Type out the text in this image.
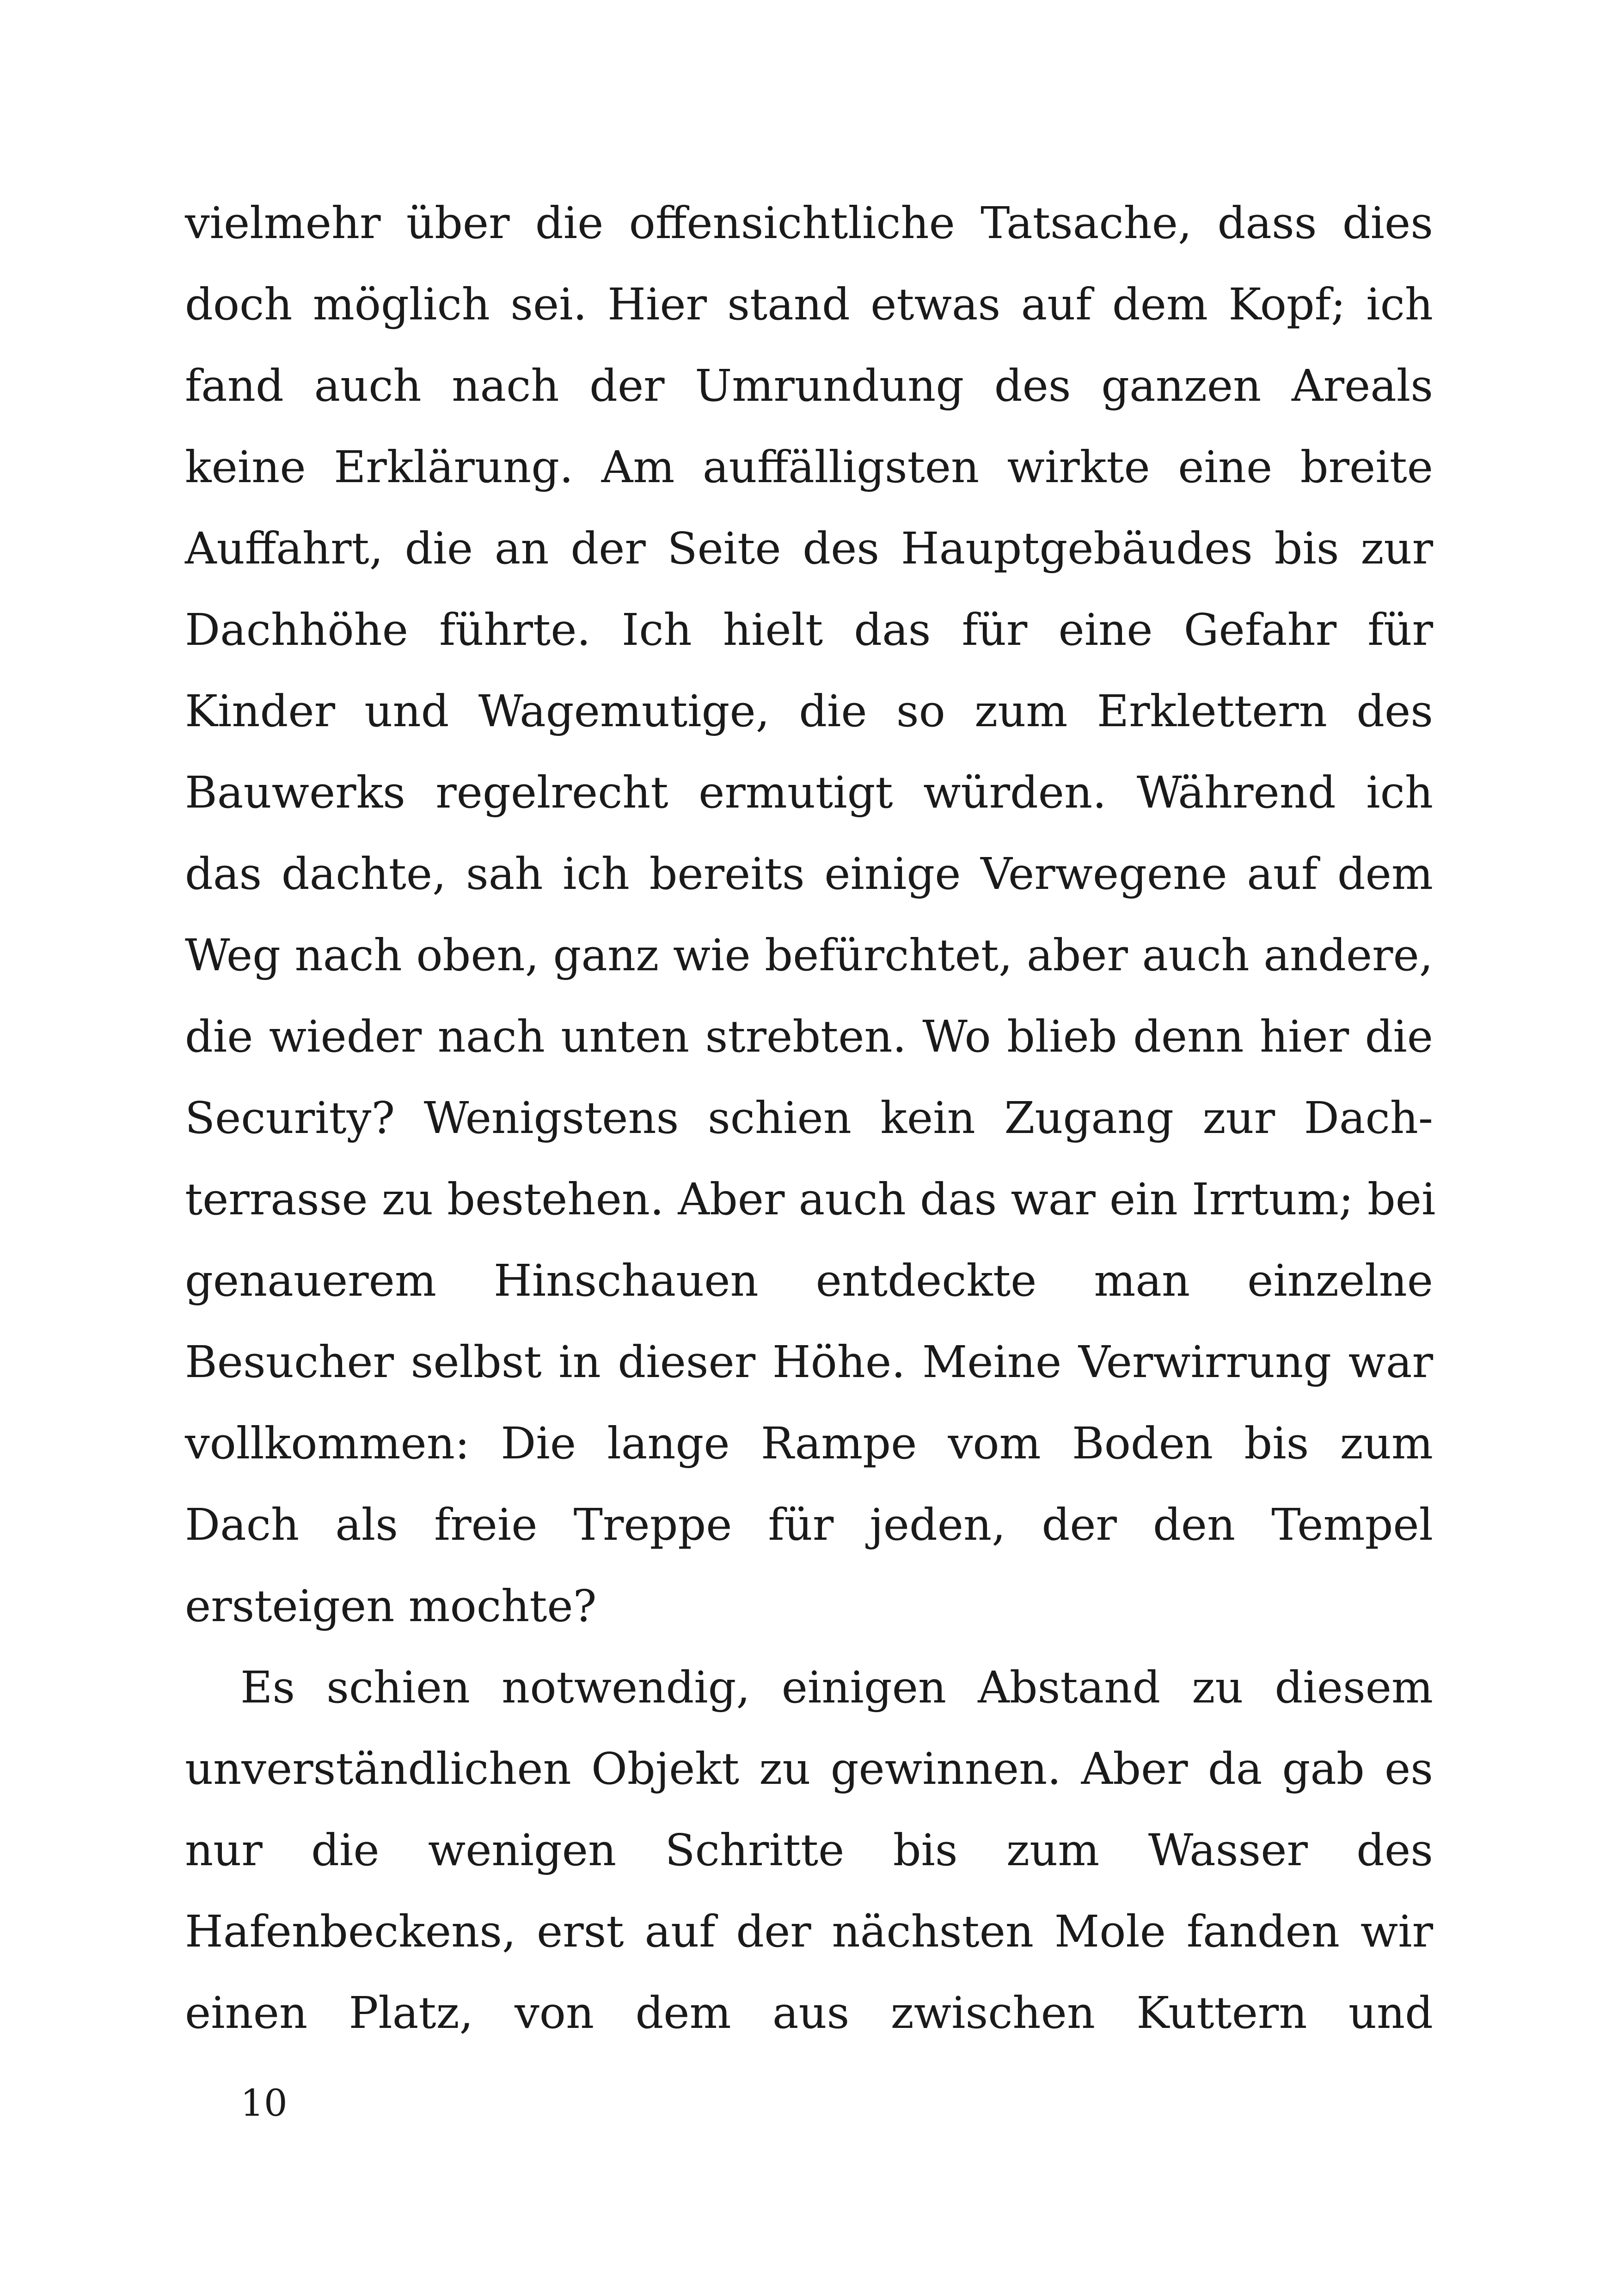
vielmehr über die offensichtliche Tatsache, dass dies
doch möglich sei. Hier stand etwas auf dem Kopf; ich
fand auch nach der Umrundung des ganzen Areals
keine Erklärung. Am auffälligsten wirkte eine breite
Auffahrt, die an der Seite des Hauptgebäudes bis zur
Dachhöhe führte. Ich hielt das für eine Gefahr für
Kinder und Wagemutige, die so zum Erklettern des
Bauwerks regelrecht ermutigt würden. Während ich
das dachte, sah ich bereits einige Verwegene auf dem
Weg nach oben, ganz wie befürchtet, aber auch andere,
die wieder nach unten strebten. Wo blieb denn hier die
Security? Wenigstens schien kein Zugang zur Dach-
terrasse zu bestehen. Aber auch das war ein Irrtum; bei
genauerem Hinschauen entdeckte man einzelne
Besucher selbst in dieser Höhe. Meine Verwirrung war
vollkommen: Die lange Rampe vom Boden bis zum
Dach als freie Treppe für jeden, der den Tempel
ersteigen mochte?
Es schien notwendig, einigen Abstand zu diesem
unverständlichen Objekt zu gewinnen. Aber da gab es
nur die wenigen Schritte bis zum Wasser des
Hafenbeckens, erst auf der nächsten Mole fanden wir
einen Platz, von dem aus zwischen Kuttern und
10
